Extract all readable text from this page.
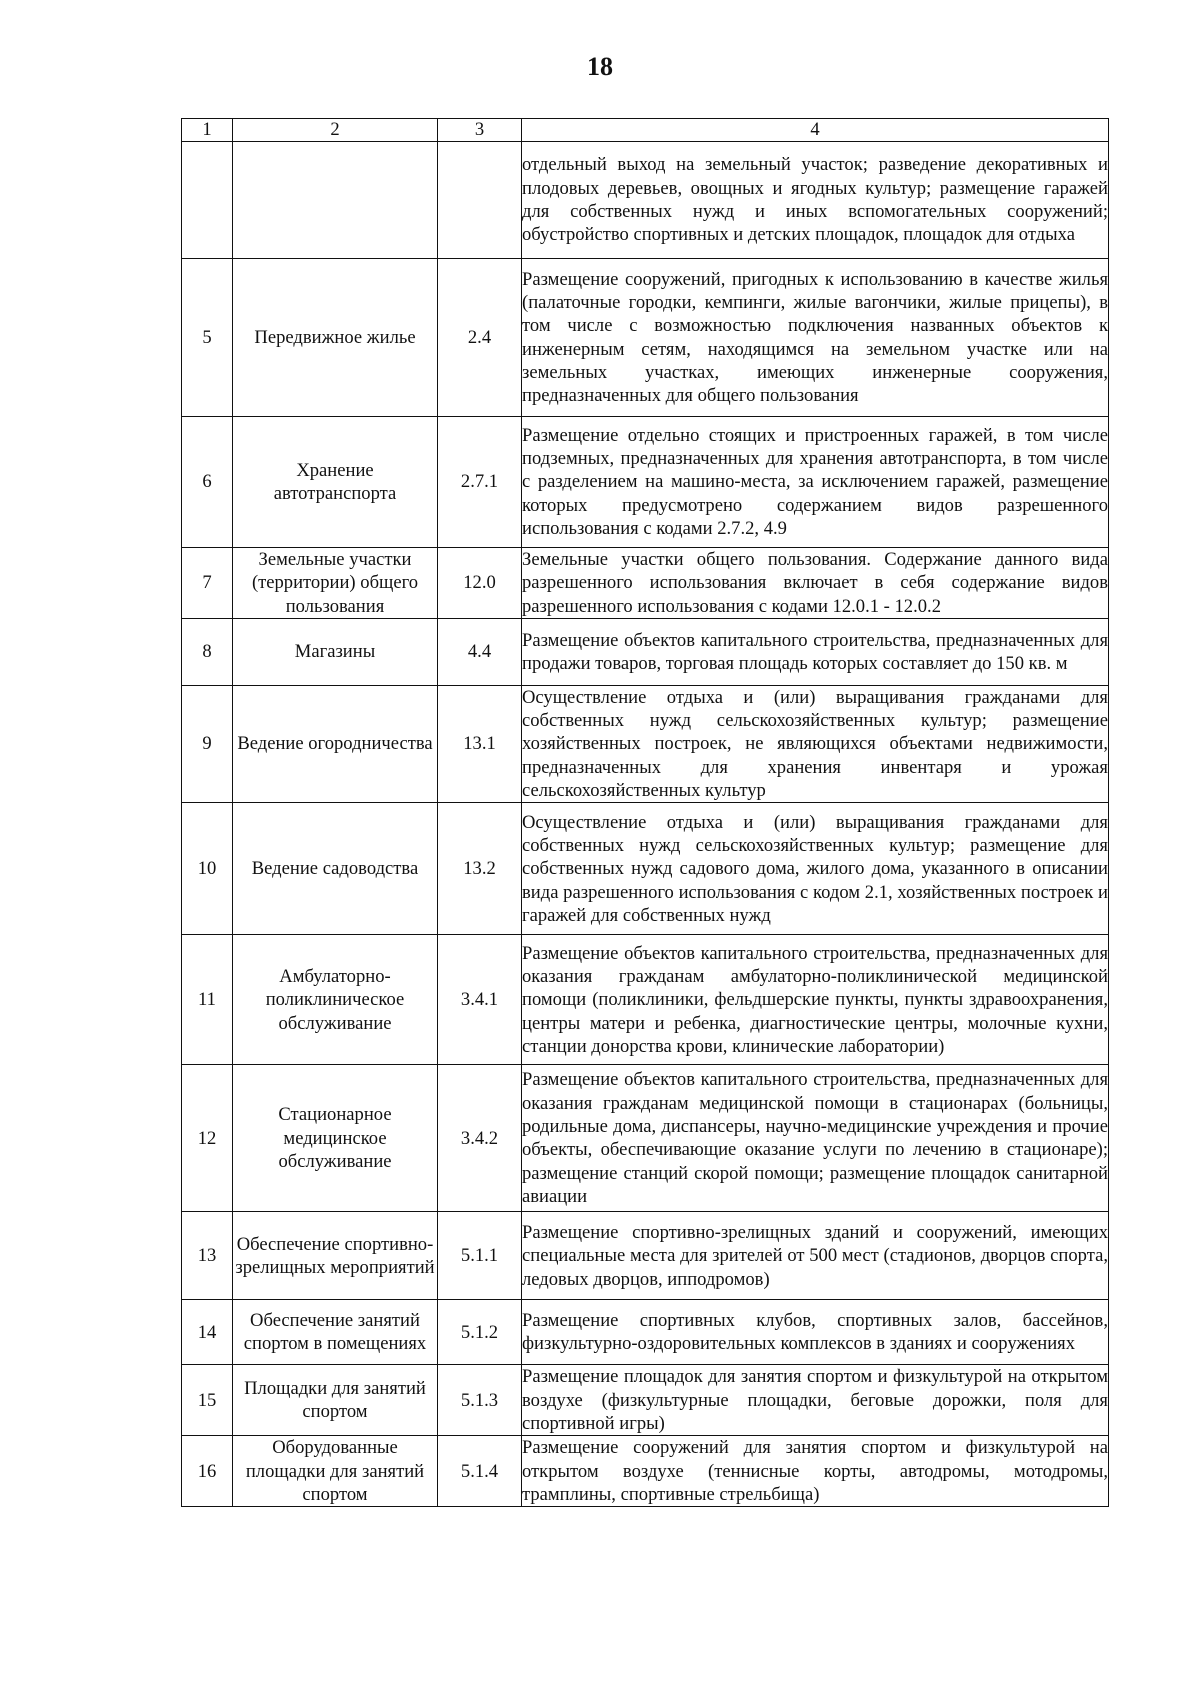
18
1	2	3	4
			отдельный выход на земельный участок; разведение декоративных и плодовых деревьев, овощных и ягодных культур; размещение гаражей для собственных нужд и иных вспомогательных сооружений; обустройство спортивных и детских площадок, площадок для отдыха
5	Передвижное жилье	2.4	Размещение сооружений, пригодных к использованию в качестве жилья (палаточные городки, кемпинги, жилые вагончики, жилые прицепы), в том числе с возможностью подключения названных объектов к инженерным сетям, находящимся на земельном участке или на земельных участках, имеющих инженерные сооружения, предназначенных для общего пользования
6	Хранение автотранспорта	2.7.1	Размещение отдельно стоящих и пристроенных гаражей, в том числе подземных, предназначенных для хранения автотранспорта, в том числе с разделением на машино-места, за исключением гаражей, размещение которых предусмотрено содержанием видов разрешенного использования с кодами 2.7.2, 4.9
7	Земельные участки (территории) общего пользования	12.0	Земельные участки общего пользования. Содержание данного вида разрешенного использования включает в себя содержание видов разрешенного использования с кодами 12.0.1 - 12.0.2
8	Магазины	4.4	Размещение объектов капитального строительства, предназначенных для продажи товаров, торговая площадь которых составляет до 150 кв. м
9	Ведение огородничества	13.1	Осуществление отдыха и (или) выращивания гражданами для собственных нужд сельскохозяйственных культур; размещение хозяйственных построек, не являющихся объектами недвижимости, предназначенных для хранения инвентаря и урожая сельскохозяйственных культур
10	Ведение садоводства	13.2	Осуществление отдыха и (или) выращивания гражданами для собственных нужд сельскохозяйственных культур; размещение для собственных нужд садового дома, жилого дома, указанного в описании вида разрешенного использования с кодом 2.1, хозяйственных построек и гаражей для собственных нужд
11	Амбулаторно-поликлиническое обслуживание	3.4.1	Размещение объектов капитального строительства, предназначенных для оказания гражданам амбулаторно-поликлинической медицинской помощи (поликлиники, фельдшерские пункты, пункты здравоохранения, центры матери и ребенка, диагностические центры, молочные кухни, станции донорства крови, клинические лаборатории)
12	Стационарное медицинское обслуживание	3.4.2	Размещение объектов капитального строительства, предназначенных для оказания гражданам медицинской помощи в стационарах (больницы, родильные дома, диспансеры, научно-медицинские учреждения и прочие объекты, обеспечивающие оказание услуги по лечению в стационаре); размещение станций скорой помощи; размещение площадок санитарной авиации
13	Обеспечение спортивно-зрелищных мероприятий	5.1.1	Размещение спортивно-зрелищных зданий и сооружений, имеющих специальные места для зрителей от 500 мест (стадионов, дворцов спорта, ледовых дворцов, ипподромов)
14	Обеспечение занятий спортом в помещениях	5.1.2	Размещение спортивных клубов, спортивных залов, бассейнов, физкультурно-оздоровительных комплексов в зданиях и сооружениях
15	Площадки для занятий спортом	5.1.3	Размещение площадок для занятия спортом и физкультурой на открытом воздухе (физкультурные площадки, беговые дорожки, поля для спортивной игры)
16	Оборудованные площадки для занятий спортом	5.1.4	Размещение сооружений для занятия спортом и физкультурой на открытом воздухе (теннисные корты, автодромы, мотодромы, трамплины, спортивные стрельбища)
